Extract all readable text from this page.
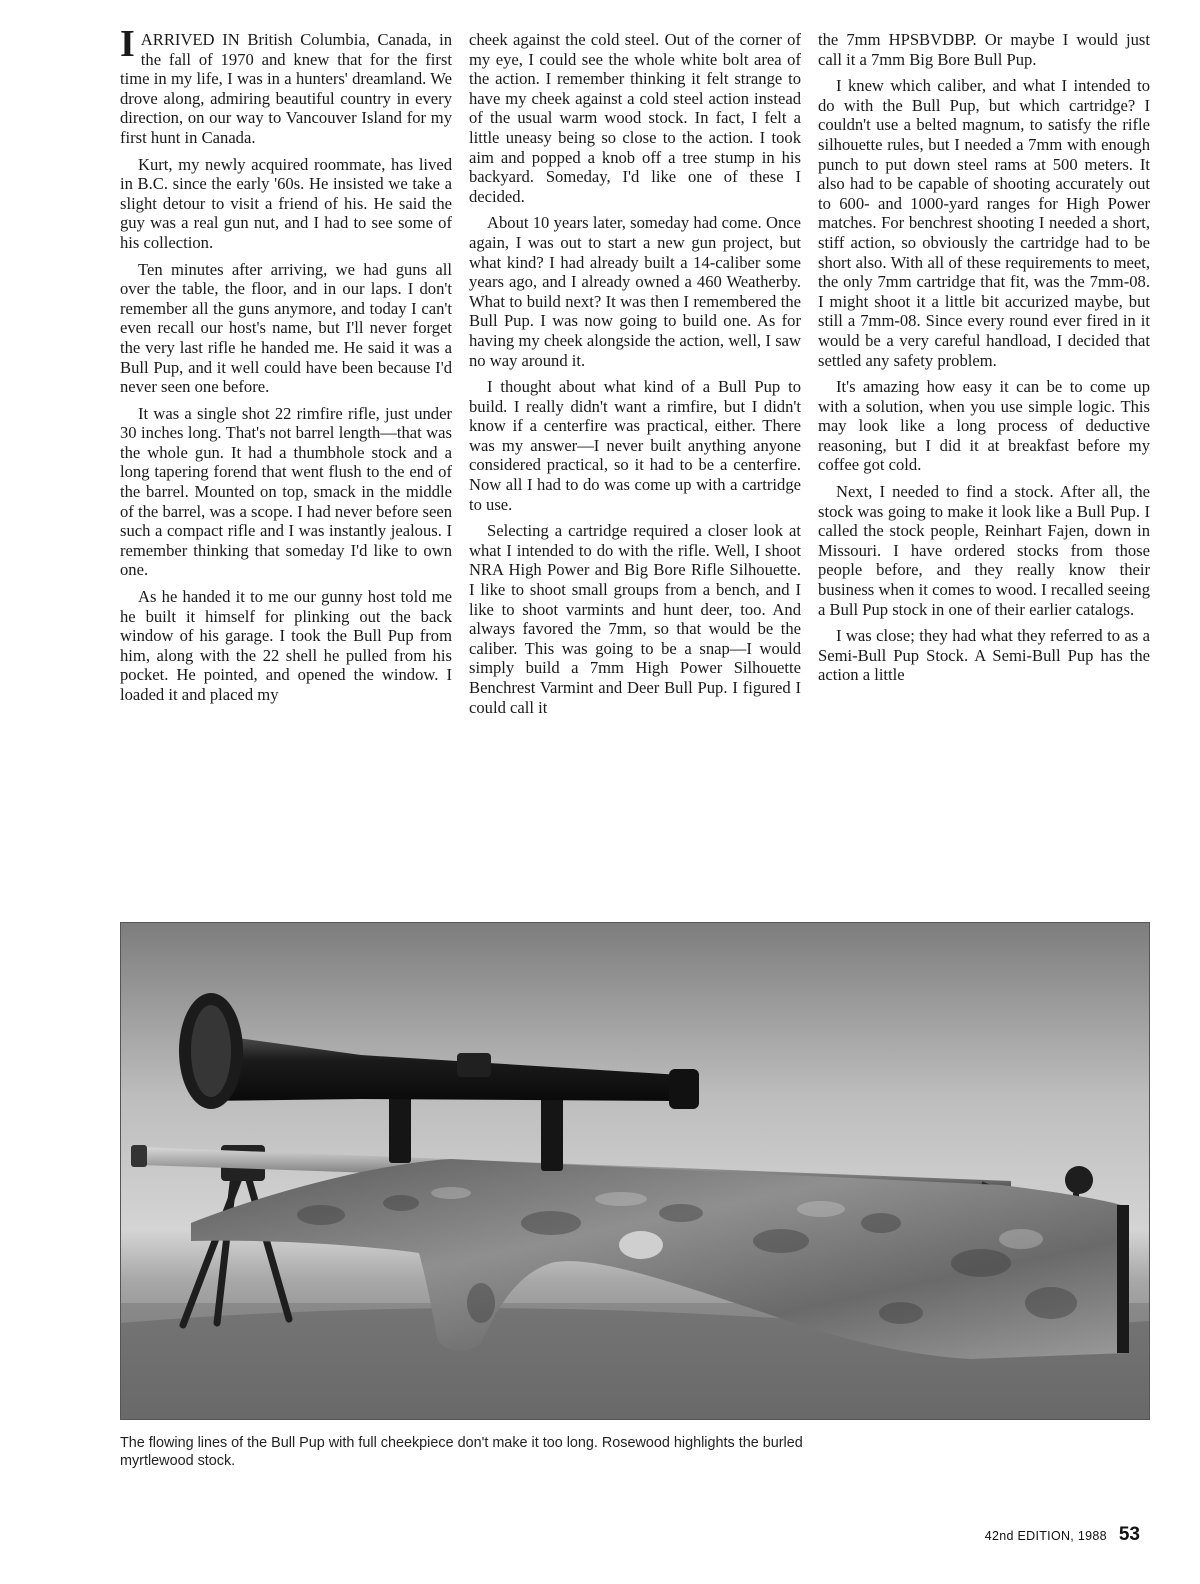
I ARRIVED IN British Columbia, Canada, in the fall of 1970 and knew that for the first time in my life, I was in a hunters' dreamland. We drove along, admiring beautiful country in every direction, on our way to Vancouver Island for my first hunt in Canada.

Kurt, my newly acquired roommate, has lived in B.C. since the early '60s. He insisted we take a slight detour to visit a friend of his. He said the guy was a real gun nut, and I had to see some of his collection.

Ten minutes after arriving, we had guns all over the table, the floor, and in our laps. I don't remember all the guns anymore, and today I can't even recall our host's name, but I'll never forget the very last rifle he handed me. He said it was a Bull Pup, and it well could have been because I'd never seen one before.

It was a single shot 22 rimfire rifle, just under 30 inches long. That's not barrel length—that was the whole gun. It had a thumbhole stock and a long tapering forend that went flush to the end of the barrel. Mounted on top, smack in the middle of the barrel, was a scope. I had never before seen such a compact rifle and I was instantly jealous. I remember thinking that someday I'd like to own one.

As he handed it to me our gunny host told me he built it himself for plinking out the back window of his garage. I took the Bull Pup from him, along with the 22 shell he pulled from his pocket. He pointed, and opened the window. I loaded it and placed my

cheek against the cold steel. Out of the corner of my eye, I could see the whole white bolt area of the action. I remember thinking it felt strange to have my cheek against a cold steel action instead of the usual warm wood stock. In fact, I felt a little uneasy being so close to the action. I took aim and popped a knob off a tree stump in his backyard. Someday, I'd like one of these I decided.

About 10 years later, someday had come. Once again, I was out to start a new gun project, but what kind? I had already built a 14-caliber some years ago, and I already owned a 460 Weatherby. What to build next? It was then I remembered the Bull Pup. I was now going to build one. As for having my cheek alongside the action, well, I saw no way around it.

I thought about what kind of a Bull Pup to build. I really didn't want a rimfire, but I didn't know if a centerfire was practical, either. There was my answer—I never built anything anyone considered practical, so it had to be a centerfire. Now all I had to do was come up with a cartridge to use.

Selecting a cartridge required a closer look at what I intended to do with the rifle. Well, I shoot NRA High Power and Big Bore Rifle Silhouette. I like to shoot small groups from a bench, and I like to shoot varmints and hunt deer, too. And always favored the 7mm, so that would be the caliber. This was going to be a snap—I would simply build a 7mm High Power Silhouette Benchrest Varmint and Deer Bull Pup. I figured I could call it

the 7mm HPSBVDBP. Or maybe I would just call it a 7mm Big Bore Bull Pup.

I knew which caliber, and what I intended to do with the Bull Pup, but which cartridge? I couldn't use a belted magnum, to satisfy the rifle silhouette rules, but I needed a 7mm with enough punch to put down steel rams at 500 meters. It also had to be capable of shooting accurately out to 600- and 1000-yard ranges for High Power matches. For benchrest shooting I needed a short, stiff action, so obviously the cartridge had to be short also. With all of these requirements to meet, the only 7mm cartridge that fit, was the 7mm-08. I might shoot it a little bit accurized maybe, but still a 7mm-08. Since every round ever fired in it would be a very careful handload, I decided that settled any safety problem.

It's amazing how easy it can be to come up with a solution, when you use simple logic. This may look like a long process of deductive reasoning, but I did it at breakfast before my coffee got cold.

Next, I needed to find a stock. After all, the stock was going to make it look like a Bull Pup. I called the stock people, Reinhart Fajen, down in Missouri. I have ordered stocks from those people before, and they really know their business when it comes to wood. I recalled seeing a Bull Pup stock in one of their earlier catalogs.

I was close; they had what they referred to as a Semi-Bull Pup Stock. A Semi-Bull Pup has the action a little

The flowing lines of the Bull Pup with full cheekpiece don't make it too long. Rosewood highlights the burled myrtlewood stock.
42nd EDITION, 1988 53
